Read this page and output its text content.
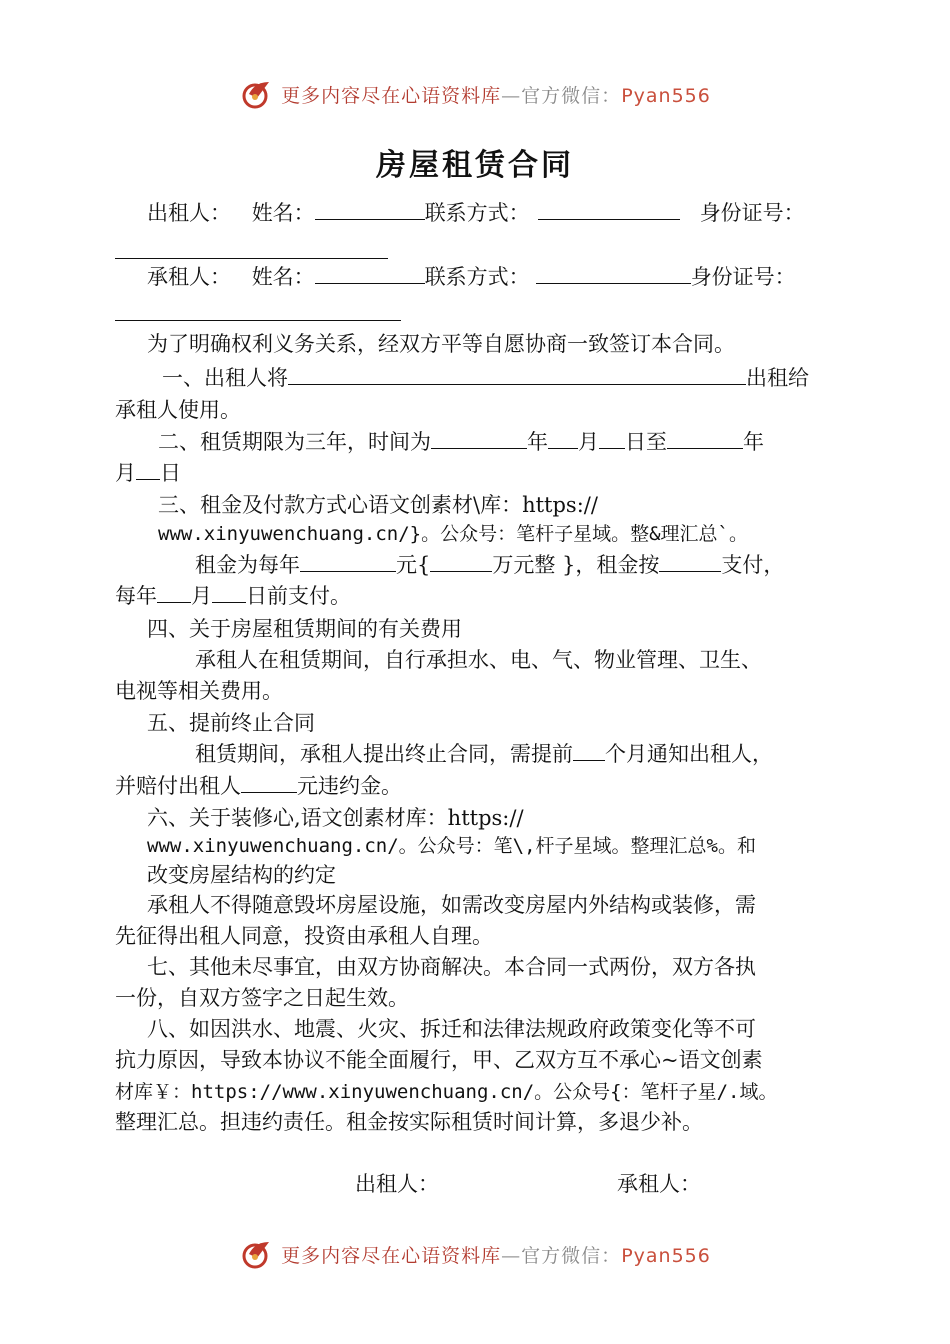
更多内容尽在心语资料库—官方微信：Pyan556
房屋租赁合同
出租人： 姓名：	联系方式：	身份证号：
承租人： 姓名：	联系方式：	身份证号：
为了明确权利义务关系，经双方平等自愿协商一致签订本合同。
一、出租人将	出租给
承租人使用。
二、租赁期限为三年，时间为	年 月 日至	年
月 日
三、租金及付款方式心语文创素材\库：https://
www.xinyuwenchuang.cn/}。公众号：笔杆子星域。整&理汇总`。
租金为每年	元{	万元整 }，租金按	支付，
每年 月 日前支付。
四、关于房屋租赁期间的有关费用
承租人在租赁期间，自行承担水、电、气、物业管理、卫生、
电视等相关费用。
五、提前终止合同
租赁期间，承租人提出终止合同，需提前 个月通知出租人，
并赔付出租人	元违约金。
六、关于装修心,语文创素材库：https://
www.xinyuwenchuang.cn/。公众号：笔\,杆子星域。整理汇总%。和
改变房屋结构的约定
承租人不得随意毁坏房屋设施，如需改变房屋内外结构或装修，需
先征得出租人同意，投资由承租人自理。
七、其他未尽事宜，由双方协商解决。本合同一式两份，双方各执
一份，自双方签字之日起生效。
八、如因洪水、地震、火灾、拆迁和法律法规政府政策变化等不可
抗力原因，导致本协议不能全面履行，甲、乙双方互不承心~语文创素
材库￥：https://www.xinyuwenchuang.cn/。公众号{：笔杆子星/.域。
整理汇总。担违约责任。租金按实际租赁时间计算，多退少补。
出租人：	承租人：
更多内容尽在心语资料库—官方微信：Pyan556
